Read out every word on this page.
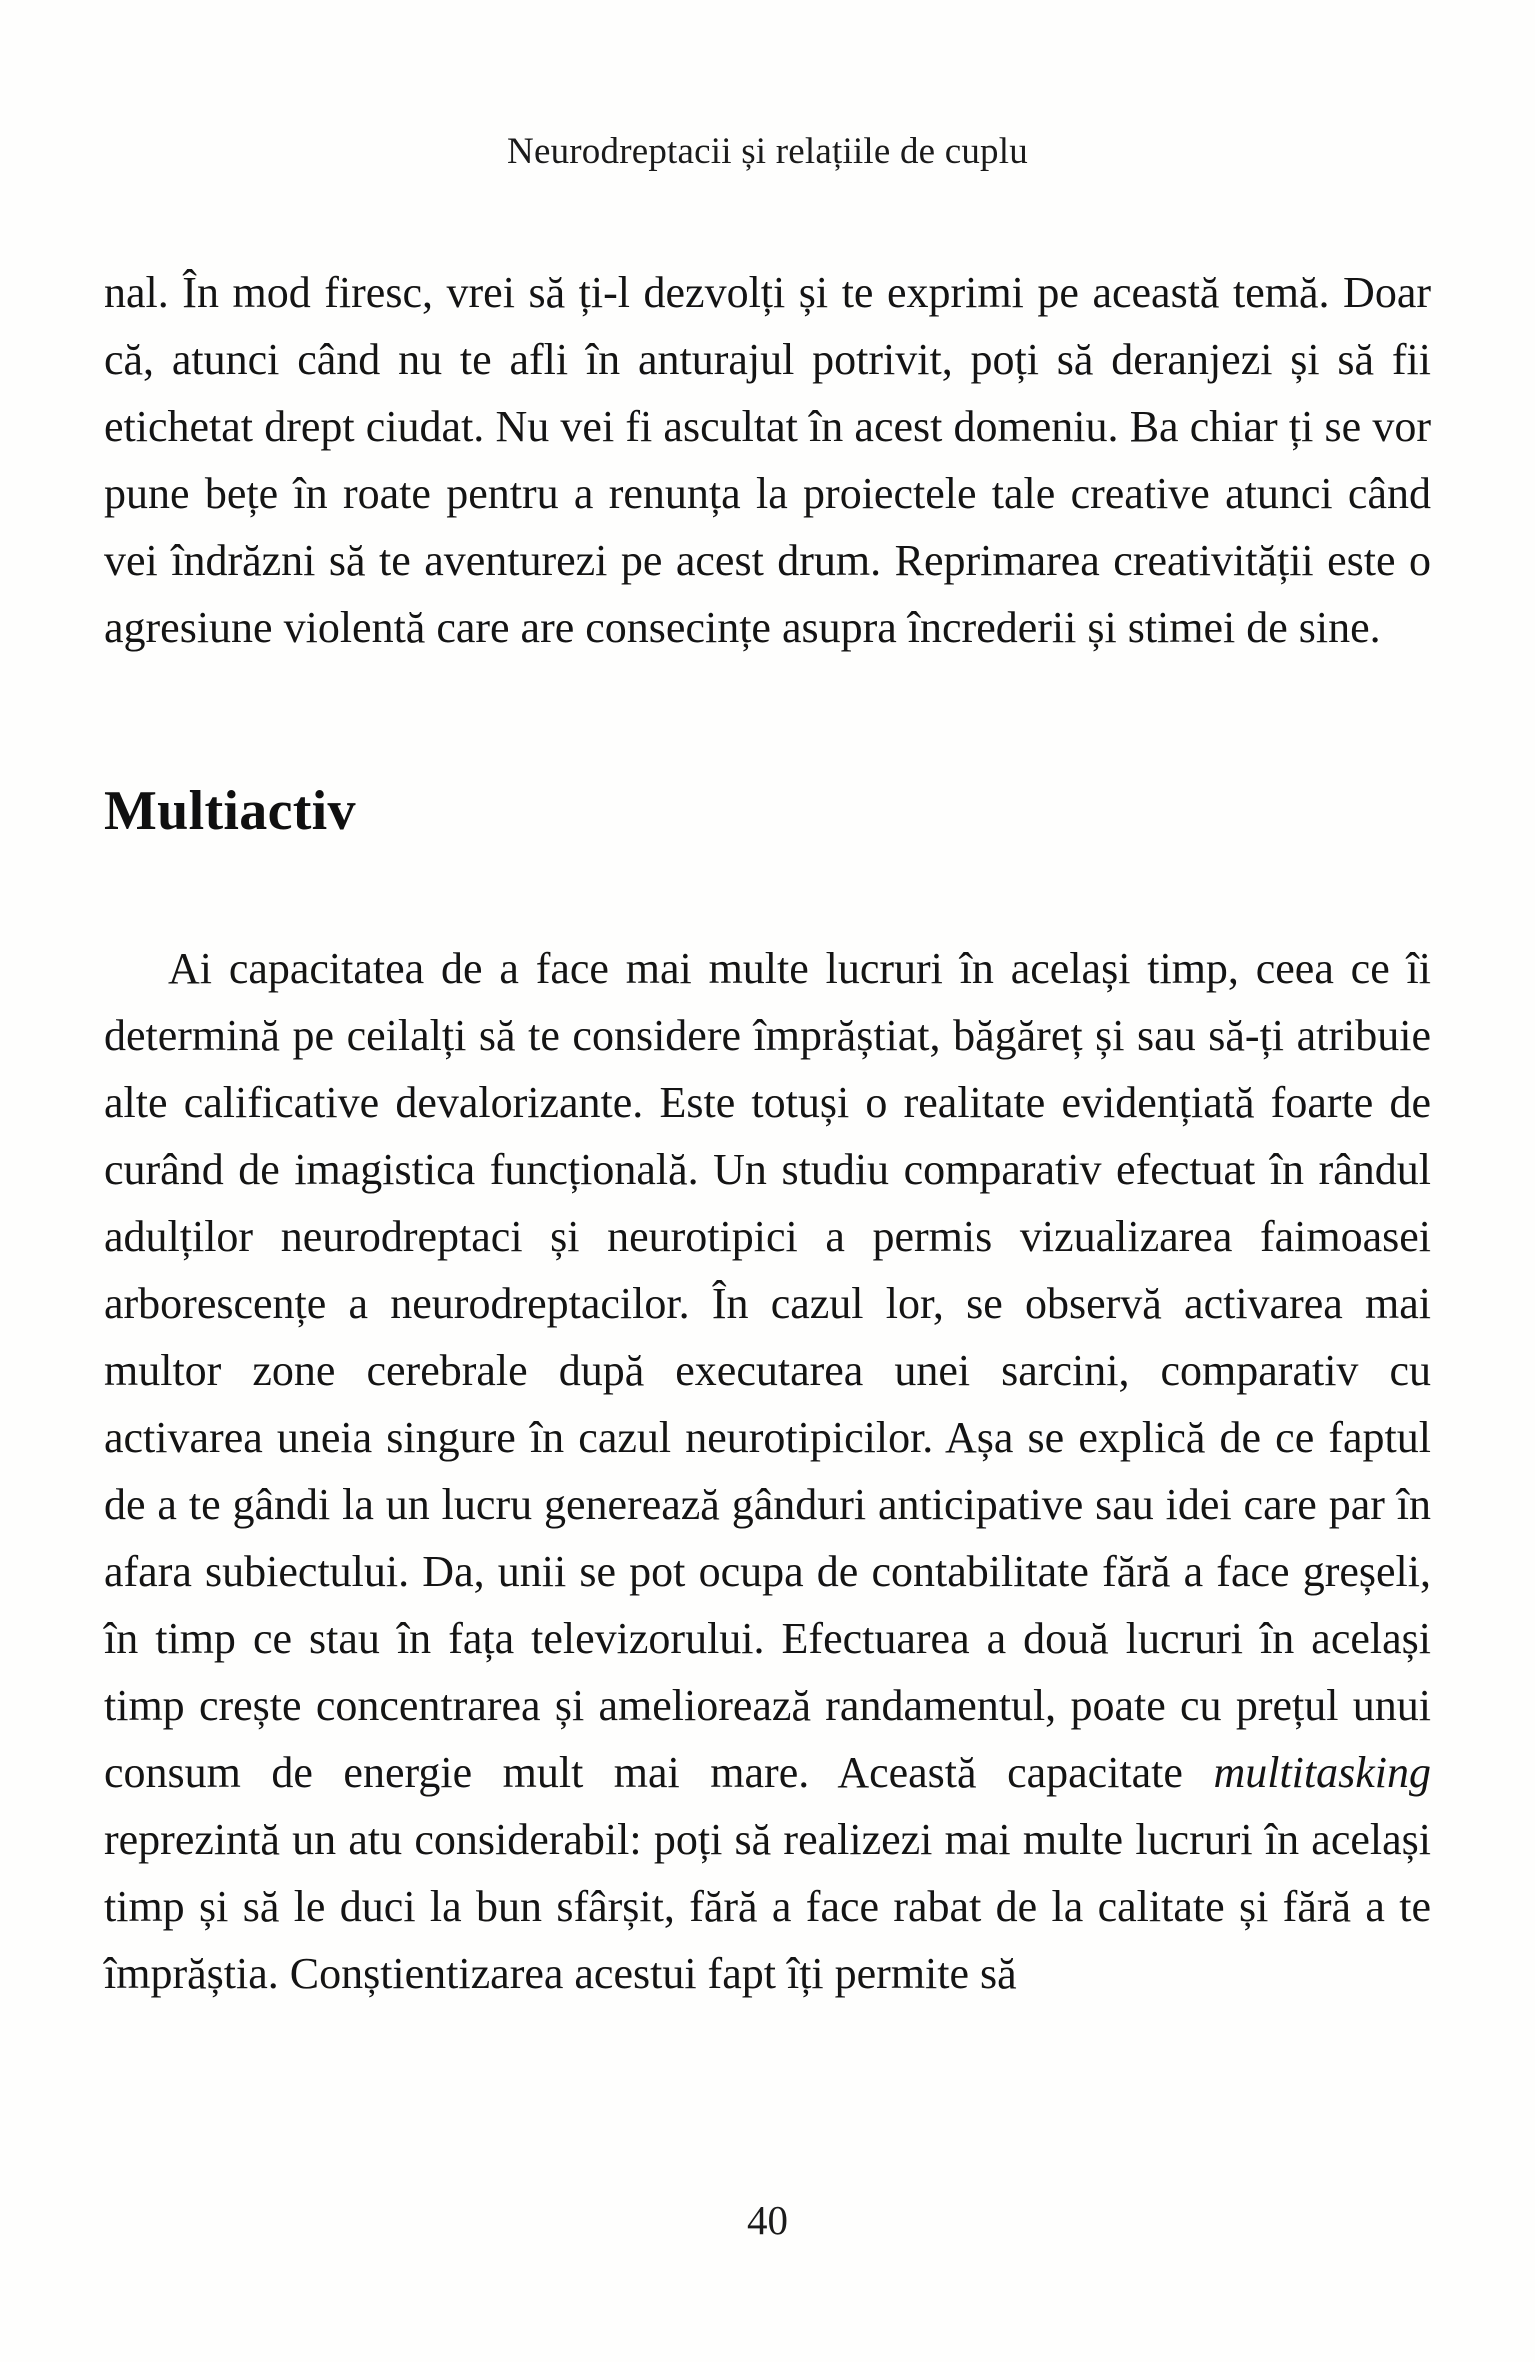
Neurodreptacii și relațiile de cuplu

nal. În mod firesc, vrei să ți-l dezvolți și te exprimi pe această temă. Doar că, atunci când nu te afli în anturajul potrivit, poți să deranjezi și să fii etichetat drept ciudat. Nu vei fi ascultat în acest domeniu. Ba chiar ți se vor pune bețe în roate pentru a renunța la proiectele tale creative atunci când vei îndrăzni să te aventurezi pe acest drum. Reprimarea creativității este o agresiune violentă care are consecințe asupra încrederii și stimei de sine.

Multiactiv

Ai capacitatea de a face mai multe lucruri în același timp, ceea ce îi determină pe ceilalți să te considere împrăștiat, băgăreț și sau să-ți atribuie alte calificative devalorizante. Este totuși o realitate evidențiată foarte de curând de imagistica funcțională. Un studiu comparativ efectuat în rândul adulților neurodreptaci și neurotipici a permis vizualizarea faimoasei arborescențe a neurodreptacilor. În cazul lor, se observă activarea mai multor zone cerebrale după executarea unei sarcini, comparativ cu activarea uneia singure în cazul neurotipicilor. Așa se explică de ce faptul de a te gândi la un lucru generează gânduri anticipative sau idei care par în afara subiectului. Da, unii se pot ocupa de contabilitate fără a face greșeli, în timp ce stau în fața televizorului. Efectuarea a două lucruri în același timp crește concentrarea și ameliorează randamentul, poate cu prețul unui consum de energie mult mai mare. Această capacitate multitasking reprezintă un atu considerabil: poți să realizezi mai multe lucruri în același timp și să le duci la bun sfârșit, fără a face rabat de la calitate și fără a te împrăștia. Conștientizarea acestui fapt îți permite să

40
